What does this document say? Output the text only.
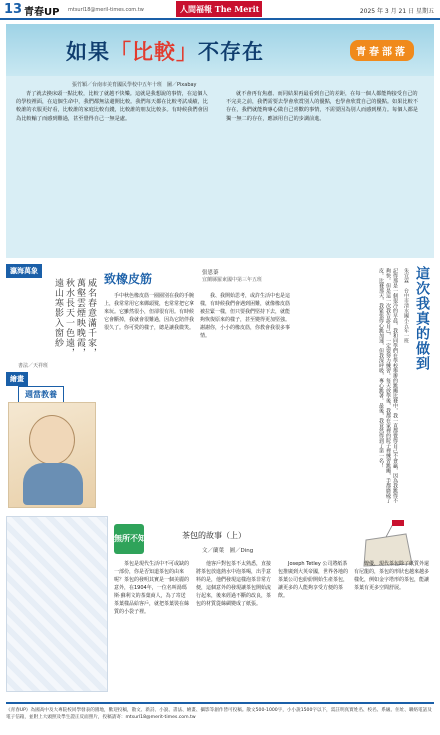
13 青春UP mtsurl18@meril-times.com.tw	人間福報 The Merit Times	2025 年 3 月 21 日 星期五
如果「比較」不存在	青春部落
張竹穎／台南市美育國民學校中五年十班　圖／Pixabay
青了就去換床頭一點比較，比較了就越不快樂。這就是我想說的事情，在這個人的學校裡面，在這個生命中，我們都無法避開比較。我們每天都在比較考試成績，比較誰的衣服更好看，比較誰的家庭比較有錢，比較誰的朋友比較多。有時候我們會因為比較輸了而感到難過，甚至覺得自己一無是處。
就不會再有焦慮、而同結果再最看到自己的差距，在每一個人都能夠接受自己的不完美之前，我們需要去學會欣賞別人的優點，也學會欣賞自己的優點。如果比較不存在，我們就能夠專心做自己喜歡的事情，不需要因為別人而感到壓力。每個人都是獨一無二的存在，應該用自己的步調前進。
瀛海萬象
威名春意滿千家，萬壑雲煙映晚霞，秋水長天一色遠，遠山寒影入窗紗
書法／天祥班
繪畫
週當教養
致橡皮筋	張恩蓁
宜蘭縣羅東國中第三年五班
手中秋色橡皮筋一圈圈別在我的手腕上，我常常用它來綁頭髮，也常常把它拿來玩。它雖然很小，但卻很有用。有時候它會斷掉，我就會很難過，因為它陪伴我很久了。你可愛的樣子，總是讓我微笑。
我、我開始思考，或許生活中也是這樣，有時候我們會遇到困難，就像橡皮筋被拉緊一樣，但只要我們堅持下去，就能夠恢復原來的樣子，甚至變得更加堅強。謝謝你，小小的橡皮筋，你教會我很多事情。	這次我真的做到
朱宜霖　台中市清水國小五年一班
記得那是一個很冷的早晨，我和同學們在學校舉辦的跳繩比賽中，我一直都覺得自己不會贏，因為我跳得不夠快。但是這一次我告訴自己，一定要努力練習。每天放學後，我都在家裡的院子裡練習跳繩，手都磨破了皮。比賽那天，我緊張得心跳加速，但我深呼吸，專心跳著。最後，我竟然得到了第一名！
無所不知	茶包的故事（上）
文／蘭葉　圖／Ding
茶包是現代生活中不可或缺的一部份，你是否知道茶包的由來呢？茶包的發明其實是一個美麗的意外，在1904年，一位名叫湯瑪斯·蘇利文的茶葉商人，為了寄送茶葉樣品給客戶，就把茶葉裝在絲質的小袋子裡。
他客戶對包茶不太熟悉，直接將茶包放進熱水中泡茶喝，出乎意料的是，他們發現這樣泡茶非常方便，這個意外的發現讓茶包開始流行起來，後來經過不斷的改良，茶包的材質從絲綢變成了紙張。
Joseph Tetley 公司將紙茶包推廣到大英帝國，世界各地的茶葉公司也紛紛開始生產茶包，讓更多的人能夠享受方便的茶飲。
聲優，現代茶包除了紙質外還有尼龍的，茶包的形狀也越來越多樣化，例如金字塔形的茶包，能讓茶葉有更多空間舒展。
《青春UP》為國高中及大專院校同學發表的園地，歡迎投稿，散文、新詩、小說、書法、繪畫、攝影等創作皆可投稿。散文500-1000字，小小說1500字以下，需註明真實姓名、校名、系級、住址、聯絡電話及電子信箱，並附上大頭照及學生證正反面照片，投稿請寄：mtsurl18@merit-times.com.tw
